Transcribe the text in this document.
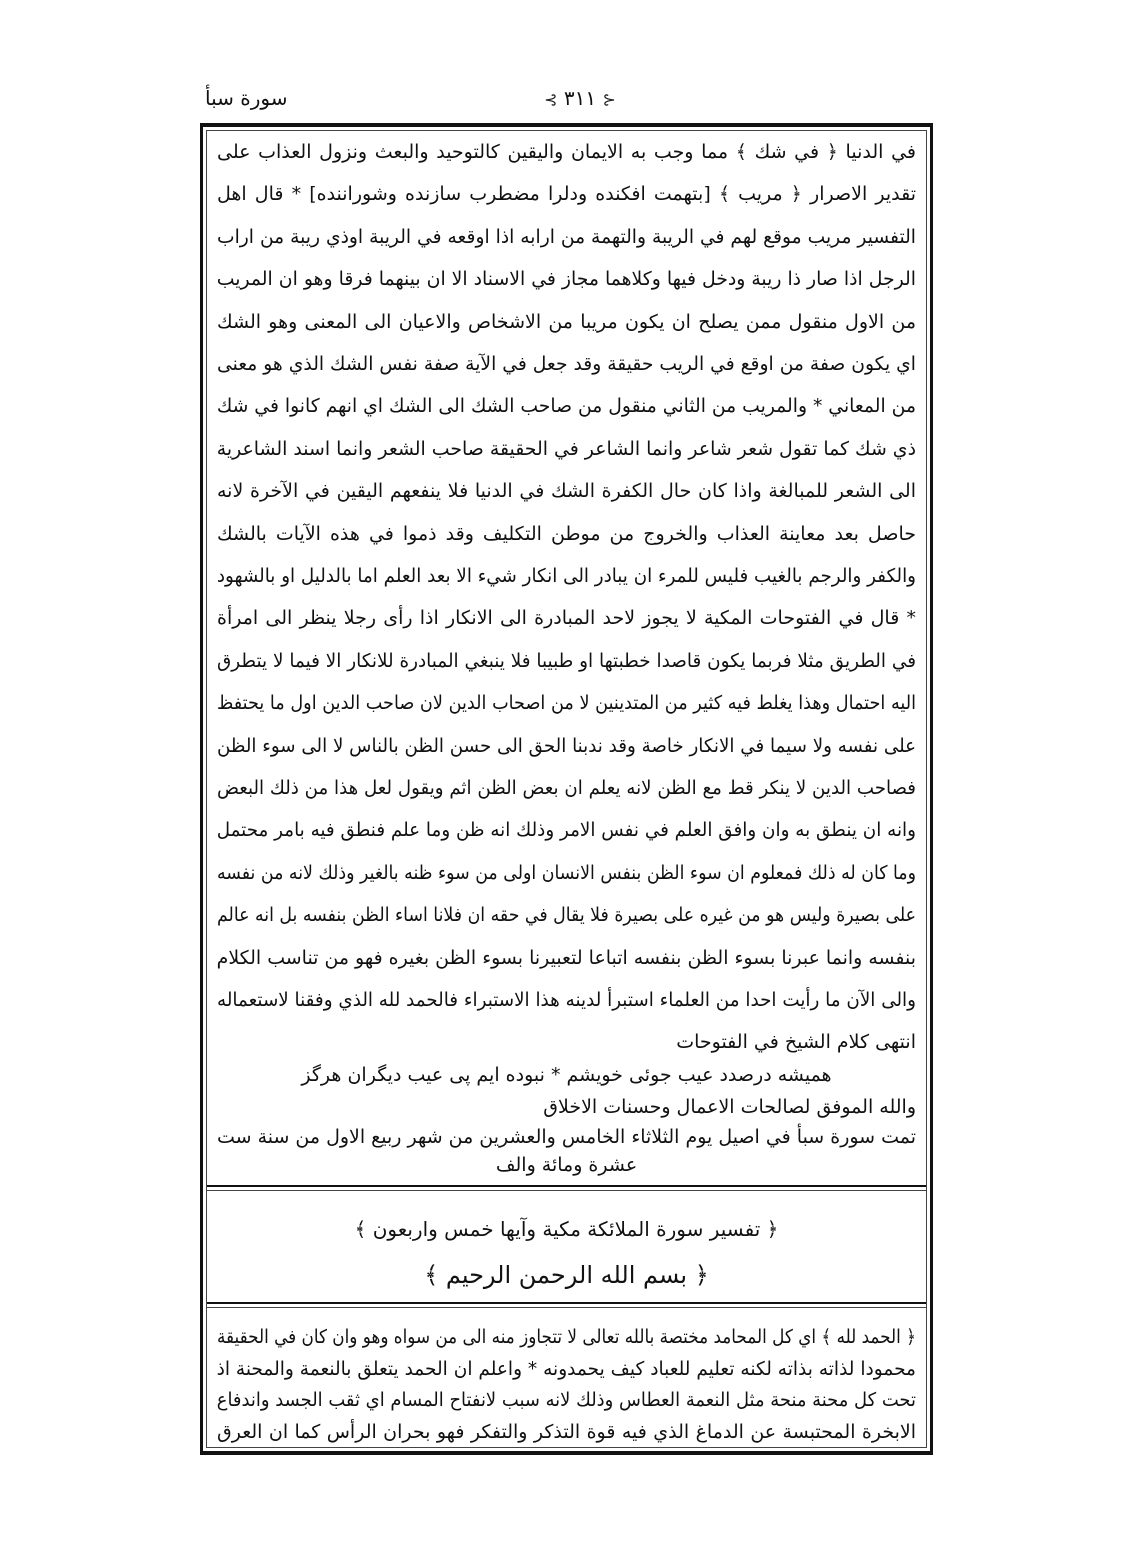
سورة سبأ	⊰ ٣١١ ⊱
في الدنيا ﴿ في شك ﴾ مما وجب به الايمان واليقين كالتوحيد والبعث ونزول العذاب على
تقدير الاصرار ﴿ مريب ﴾ [بتهمت افكنده ودلرا مضطرب سازنده وشوراننده] * قال اهل
التفسير مريب موقع لهم في الريبة والتهمة من ارابه اذا اوقعه في الريبة اوذي ريبة من اراب
الرجل اذا صار ذا ريبة ودخل فيها وكلاهما مجاز في الاسناد الا ان بينهما فرقا وهو ان المريب
من الاول منقول ممن يصلح ان يكون مريبا من الاشخاص والاعيان الى المعنى وهو الشك
اي يكون صفة من اوقع في الريب حقيقة وقد جعل في الآية صفة نفس الشك الذي هو معنى
من المعاني * والمريب من الثاني منقول من صاحب الشك الى الشك اي انهم كانوا في شك
ذي شك كما تقول شعر شاعر وانما الشاعر في الحقيقة صاحب الشعر وانما اسند الشاعرية
الى الشعر للمبالغة واذا كان حال الكفرة الشك في الدنيا فلا ينفعهم اليقين في الآخرة لانه
حاصل بعد معاينة العذاب والخروج من موطن التكليف وقد ذموا في هذه الآيات بالشك
والكفر والرجم بالغيب فليس للمرء ان يبادر الى انكار شيء الا بعد العلم اما بالدليل او بالشهود
* قال في الفتوحات المكية لا يجوز لاحد المبادرة الى الانكار اذا رأى رجلا ينظر الى امرأة
في الطريق مثلا فربما يكون قاصدا خطبتها او طبيبا فلا ينبغي المبادرة للانكار الا فيما لا يتطرق
اليه احتمال وهذا يغلط فيه كثير من المتدينين لا من اصحاب الدين لان صاحب الدين اول ما يحتفظ
على نفسه ولا سيما في الانكار خاصة وقد ندبنا الحق الى حسن الظن بالناس لا الى سوء الظن
فصاحب الدين لا ينكر قط مع الظن لانه يعلم ان بعض الظن اثم ويقول لعل هذا من ذلك البعض
وانه ان ينطق به وان وافق العلم في نفس الامر وذلك انه ظن وما علم فنطق فيه بامر محتمل
وما كان له ذلك فمعلوم ان سوء الظن بنفس الانسان اولى من سوء ظنه بالغير وذلك لانه من نفسه
على بصيرة وليس هو من غيره على بصيرة فلا يقال في حقه ان فلانا اساء الظن بنفسه بل انه عالم
بنفسه وانما عبرنا بسوء الظن بنفسه اتباعا لتعبيرنا بسوء الظن بغيره فهو من تناسب الكلام
والى الآن ما رأيت احدا من العلماء استبرأ لدينه هذا الاستبراء فالحمد لله الذي وفقنا لاستعماله
انتهى كلام الشيخ في الفتوحات
همیشه درصدد عیب جوئی خویشم * نبوده ایم پی عیب دیگران هرگز
والله الموفق لصالحات الاعمال وحسنات الاخلاق
تمت سورة سبأ في اصيل يوم الثلاثاء الخامس والعشرين من شهر ربيع الاول من سنة ست
عشرة ومائة والف
﴿ تفسير سورة الملائكة مكية وآيها خمس واربعون ﴾
﴿ بسم الله الرحمن الرحيم ﴾
﴿ الحمد لله ﴾ اي كل المحامد مختصة بالله تعالى لا تتجاوز منه الى من سواه وهو وان كان في الحقيقة
محمودا لذاته بذاته لكنه تعليم للعباد كيف يحمدونه * واعلم ان الحمد يتعلق بالنعمة والمحنة اذ
تحت كل محنة منحة مثل النعمة العطاس وذلك لانه سبب لانفتاح المسام اي ثقب الجسد واندفاع
الابخرة المحتبسة عن الدماغ الذي فيه قوة التذكر والتفكر فهو بحران الرأس كما ان العرق
